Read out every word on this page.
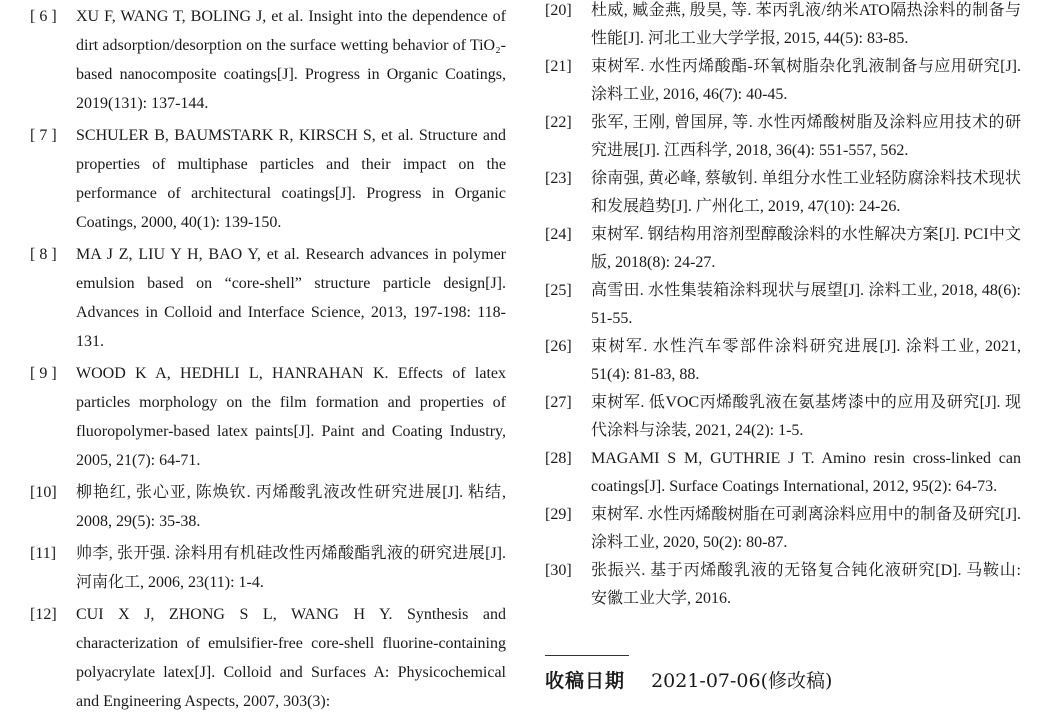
[ 6 ]	XU F, WANG T, BOLING J, et al. Insight into the dependence of dirt adsorption/desorption on the surface wetting behavior of TiO₂-based nanocomposite coatings[J]. Progress in Organic Coatings, 2019(131): 137-144.

[ 7 ]	SCHULER B, BAUMSTARK R, KIRSCH S, et al. Structure and properties of multiphase particles and their impact on the performance of architectural coatings[J]. Progress in Organic Coatings, 2000, 40(1): 139-150.

[ 8 ]	MA J Z, LIU Y H, BAO Y, et al. Research advances in polymer emulsion based on “core-shell” structure particle design[J]. Advances in Colloid and Interface Science, 2013, 197-198: 118-131.

[ 9 ]	WOOD K A, HEDHLI L, HANRAHAN K. Effects of latex particles morphology on the film formation and properties of fluoropolymer-based latex paints[J]. Paint and Coating Industry, 2005, 21(7): 64-71.

[10]	柳艳红, 张心亚, 陈焕钦. 丙烯酸乳液改性研究进展[J]. 粘结, 2008, 29(5): 35-38.

[11]	帅李, 张开强. 涂料用有机硅改性丙烯酸酯乳液的研究进展[J]. 河南化工, 2006, 23(11): 1-4.

[12]	CUI X J, ZHONG S L, WANG H Y. Synthesis and characterization of emulsifier-free core-shell fluorine-containing polyacrylate latex[J]. Colloid and Surfaces A: Physicochemical and Engineering Aspects, 2007, 303(3):

[20]	杜威, 臧金燕, 殷昊, 等. 苯丙乳液/纳米ATO隔热涂料的制备与性能[J]. 河北工业大学学报, 2015, 44(5): 83-85.

[21]	束树军. 水性丙烯酸酯-环氧树脂杂化乳液制备与应用研究[J]. 涂料工业, 2016, 46(7): 40-45.

[22]	张军, 王刚, 曾国屏, 等. 水性丙烯酸树脂及涂料应用技术的研究进展[J]. 江西科学, 2018, 36(4): 551-557, 562.

[23]	徐南强, 黄必峰, 蔡敏钊. 单组分水性工业轻防腐涂料技术现状和发展趋势[J]. 广州化工, 2019, 47(10): 24-26.

[24]	束树军. 钢结构用溶剂型醇酸涂料的水性解决方案[J]. PCI中文版, 2018(8): 24-27.

[25]	高雪田. 水性集装箱涂料现状与展望[J]. 涂料工业, 2018, 48(6): 51-55.

[26]	束树军. 水性汽车零部件涂料研究进展[J]. 涂料工业, 2021, 51(4): 81-83, 88.

[27]	束树军. 低VOC丙烯酸乳液在氨基烤漆中的应用及研究[J]. 现代涂料与涂装, 2021, 24(2): 1-5.

[28]	MAGAMI S M, GUTHRIE J T. Amino resin cross-linked can coatings[J]. Surface Coatings International, 2012, 95(2): 64-73.

[29]	束树军. 水性丙烯酸树脂在可剥离涂料应用中的制备及研究[J]. 涂料工业, 2020, 50(2): 80-87.

[30]	张振兴. 基于丙烯酸乳液的无铬复合钝化液研究[D]. 马鞍山: 安徽工业大学, 2016.

收稿日期 2021-07-06(修改稿)
